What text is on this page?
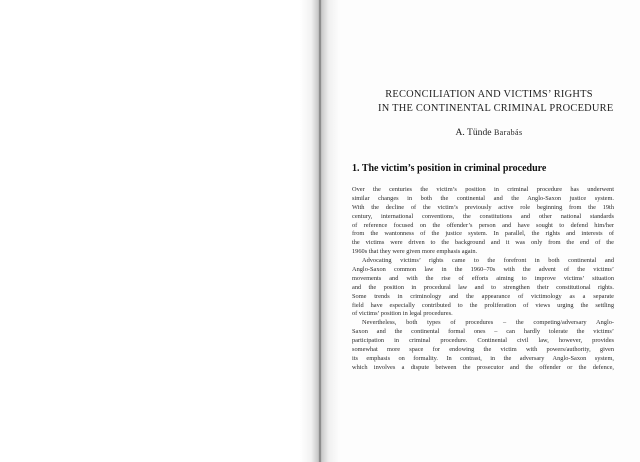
RECONCILIATION AND VICTIMS’ RIGHTS
IN THE CONTINENTAL CRIMINAL PROCEDURE
A. Tünde Barabás
1. The victim’s position in criminal procedure
Over the centuries the victim’s position in criminal procedure has underwent
similar changes in both the continental and the Anglo-Saxon justice system.
With the decline of the victim’s previously active role beginning from the 19th
century, international conventions, the constitutions and other national standards
of reference focused on the offender’s person and have sought to defend him/her
from the wantonness of the justice system. In parallel, the rights and interests of
the victims were driven to the background and it was only from the end of the
1960s that they were given more emphasis again.
Advocating victims’ rights came to the forefront in both continental and
Anglo-Saxon common law in the 1960–70s with the advent of the victims’
movements and with the rise of efforts aiming to improve victims’ situation
and the position in procedural law and to strengthen their constitutional rights.
Some trends in criminology and the appearance of victimology as a separate
field have especially contributed to the proliferation of views urging the settling
of victims’ position in legal procedures.
Nevertheless, both types of procedures – the competing/adversary Anglo-
Saxon and the continental formal ones – can hardly tolerate the victims’
participation in criminal procedure. Continental civil law, however, provides
somewhat more space for endowing the victim with powers/authority, given
its emphasis on formality. In contrast, in the adversary Anglo-Saxon system,
which involves a dispute between the prosecutor and the offender or the defence,
